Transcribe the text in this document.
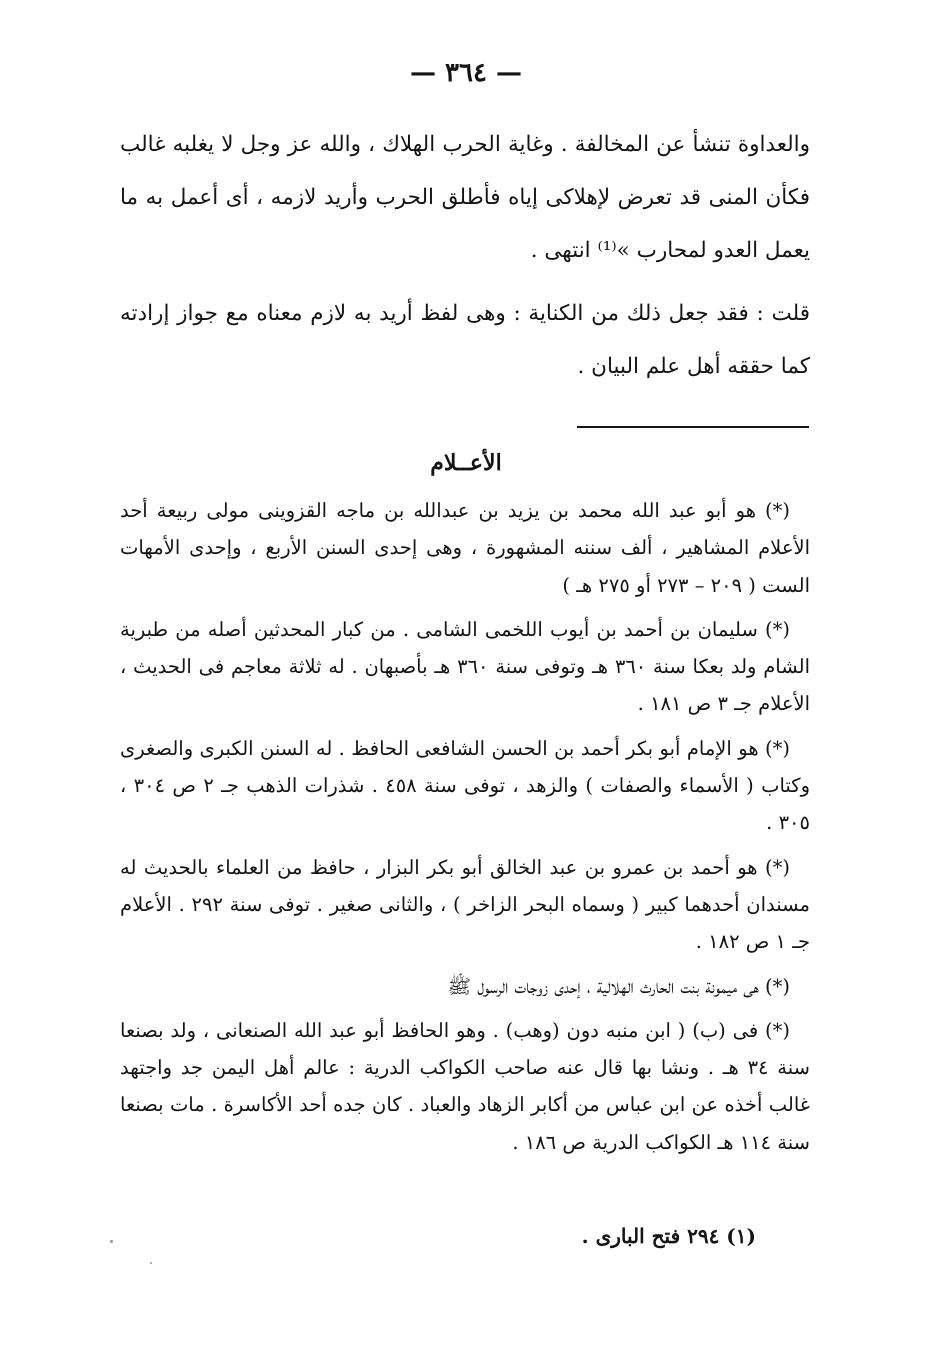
— ٣٦٤ —

والعداوة تنشأ عن المخالفة . وغاية الحرب الهلاك ، والله عز وجل لا يغلبه غالب فكأن المنى قد تعرض لإهلاكى إياه فأطلق الحرب وأريد لازمه ، أى أعمل به ما يعمل العدو لمحارب »⁽¹⁾ انتهى .

قلت : فقد جعل ذلك من الكناية : وهى لفظ أريد به لازم معناه مع جواز إرادته كما حققه أهل علم البيان .

الأعــلام

(*) هو أبو عبد الله محمد بن يزيد بن عبدالله بن ماجه القزوينى مولى ربيعة أحد الأعلام المشاهير ، ألف سننه المشهورة ، وهى إحدى السنن الأربع ، وإحدى الأمهات الست ( ٢٠٩ – ٢٧٣ أو ٢٧٥ هـ )

(*) سليمان بن أحمد بن أيوب اللخمى الشامى . من كبار المحدثين أصله من طبرية الشام ولد بعكا سنة ٣٦٠ هـ وتوفى سنة ٣٦٠ هـ بأصبهان . له ثلاثة معاجم فى الحديث ، الأعلام جـ ٣ ص ١٨١ .

(*) هو الإمام أبو بكر أحمد بن الحسن الشافعى الحافظ . له السنن الكبرى والصغرى وكتاب ( الأسماء والصفات ) والزهد ، توفى سنة ٤٥٨ . شذرات الذهب جـ ٢ ص ٣٠٤ ، ٣٠٥ .

(*) هو أحمد بن عمرو بن عبد الخالق أبو بكر البزار ، حافظ من العلماء بالحديث له مسندان أحدهما كبير ( وسماه البحر الزاخر ) ، والثانى صغير . توفى سنة ٢٩٢ . الأعلام جـ ١ ص ١٨٢ .

(*) هى ميمونة بنت الحارث الهلالية ، إحدى زوجات الرسول ﷺ

(*) فى (ب) ( ابن منبه دون (وهب) . وهو الحافظ أبو عبد الله الصنعانى ، ولد بصنعا سنة ٣٤ هـ . ونشا بها قال عنه صاحب الكواكب الدرية : عالم أهل اليمن جد واجتهد غالب أخذه عن ابن عباس من أكابر الزهاد والعباد . كان جده أحد الأكاسرة . مات بصنعا سنة ١١٤ هـ الكواكب الدرية ص ١٨٦ .

(١) ٢٩٤ فتح البارى .
